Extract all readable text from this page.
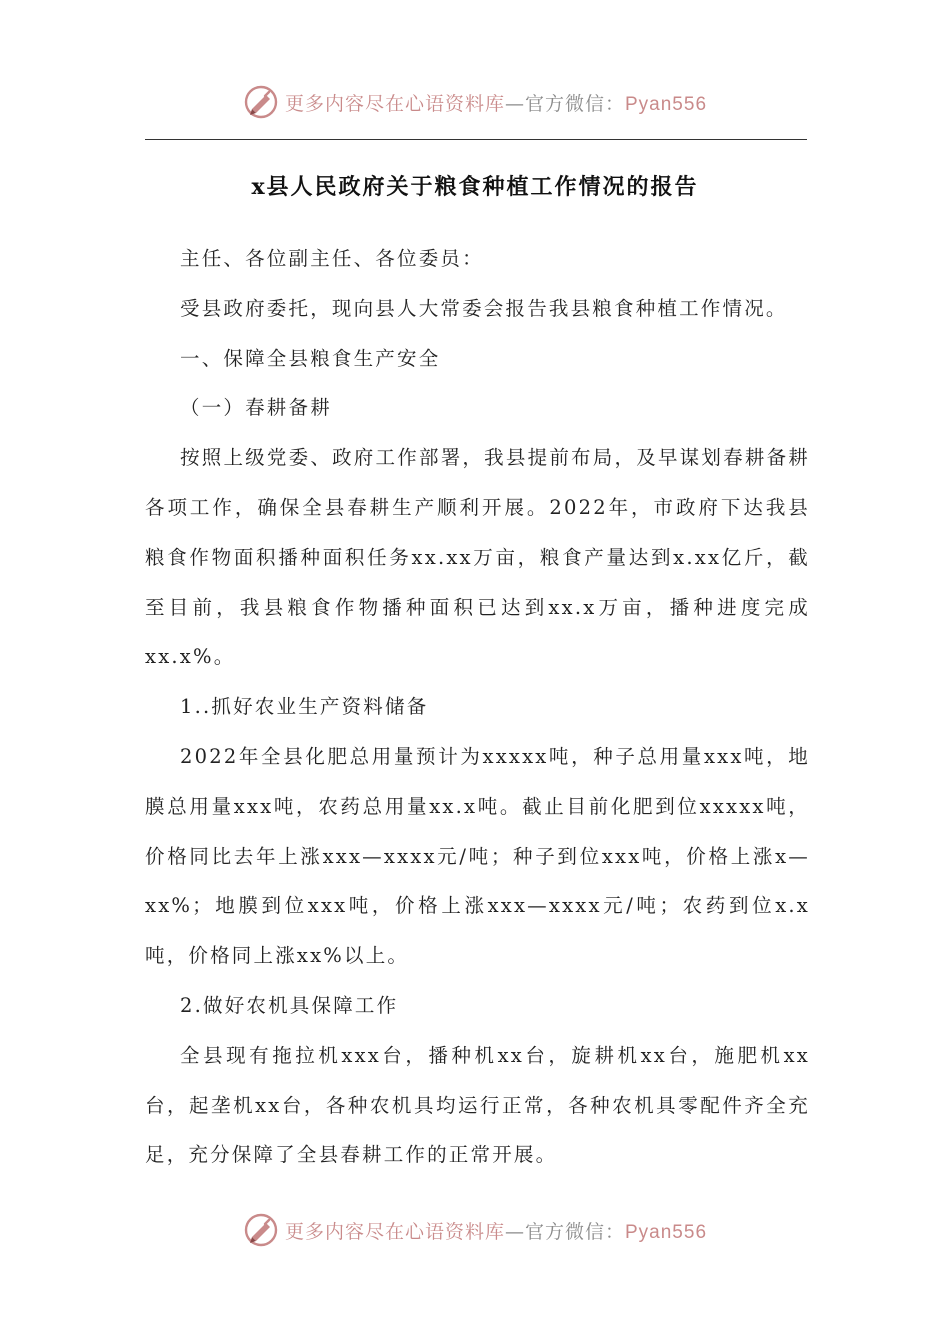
更多内容尽在心语资料库—官方微信：Pyan556
x县人民政府关于粮食种植工作情况的报告

主任、各位副主任、各位委员：

受县政府委托，现向县人大常委会报告我县粮食种植工作情况。

一、保障全县粮食生产安全

（一）春耕备耕

按照上级党委、政府工作部署，我县提前布局，及早谋划春耕备耕各项工作，确保全县春耕生产顺利开展。2022年，市政府下达我县粮食作物面积播种面积任务xx.xx万亩，粮食产量达到x.xx亿斤，截至目前，我县粮食作物播种面积已达到xx.x万亩，播种进度完成xx.x%。

1..抓好农业生产资料储备

2022年全县化肥总用量预计为xxxxx吨，种子总用量xxx吨，地膜总用量xxx吨，农药总用量xx.x吨。截止目前化肥到位xxxxx吨，价格同比去年上涨xxx—xxxx元/吨；种子到位xxx吨，价格上涨x—xx%；地膜到位xxx吨，价格上涨xxx—xxxx元/吨；农药到位x.x吨，价格同上涨xx%以上。

2.做好农机具保障工作

全县现有拖拉机xxx台，播种机xx台，旋耕机xx台，施肥机xx台，起垄机xx台，各种农机具均运行正常，各种农机具零配件齐全充足，充分保障了全县春耕工作的正常开展。

更多内容尽在心语资料库—官方微信：Pyan556
